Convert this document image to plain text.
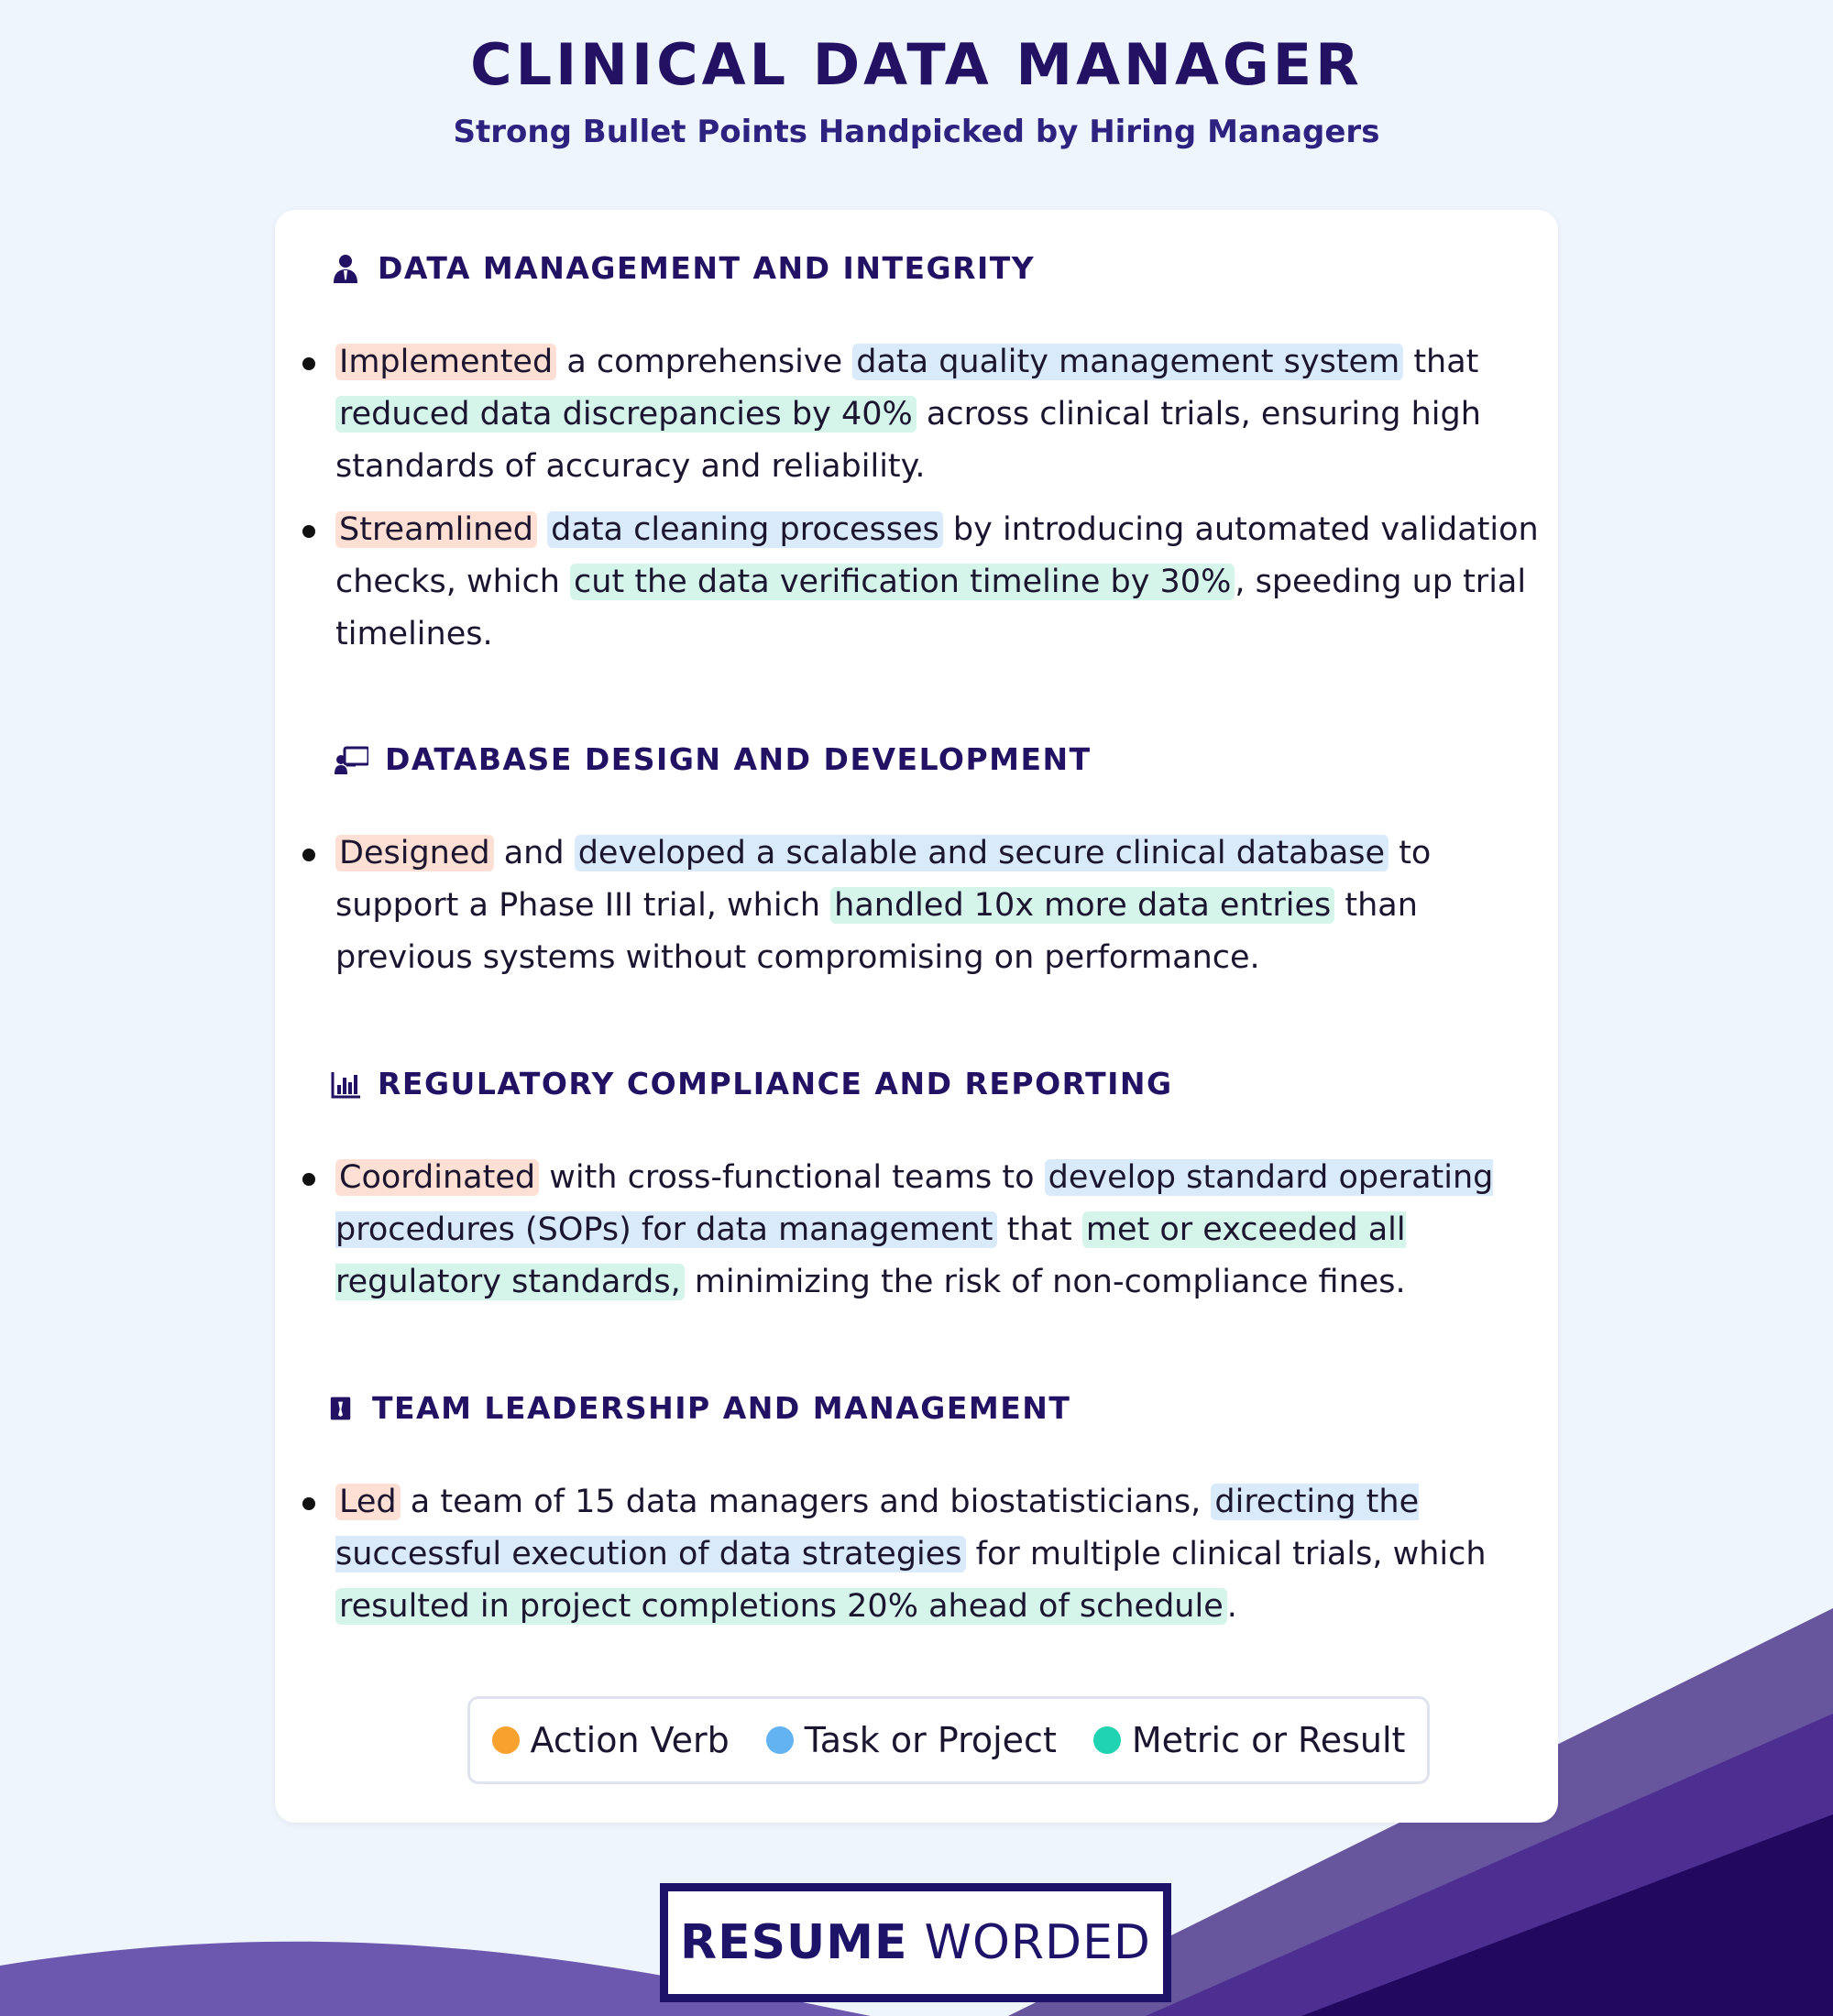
CLINICAL DATA MANAGER
Strong Bullet Points Handpicked by Hiring Managers
DATA MANAGEMENT AND INTEGRITY
Implemented a comprehensive data quality management system that reduced data discrepancies by 40% across clinical trials, ensuring high standards of accuracy and reliability.
Streamlined data cleaning processes by introducing automated validation checks, which cut the data verification timeline by 30% , speeding up trial timelines.
DATABASE DESIGN AND DEVELOPMENT
Designed and developed a scalable and secure clinical database to support a Phase III trial, which handled 10x more data entries than previous systems without compromising on performance.
REGULATORY COMPLIANCE AND REPORTING
Coordinated with cross-functional teams to develop standard operating procedures (SOPs) for data management that met or exceeded all regulatory standards, minimizing the risk of non-compliance fines.
TEAM LEADERSHIP AND MANAGEMENT
Led a team of 15 data managers and biostatisticians, directing the successful execution of data strategies for multiple clinical trials, which resulted in project completions 20% ahead of schedule .
Action Verb Task or Project Metric or Result
RESUME WORDED
